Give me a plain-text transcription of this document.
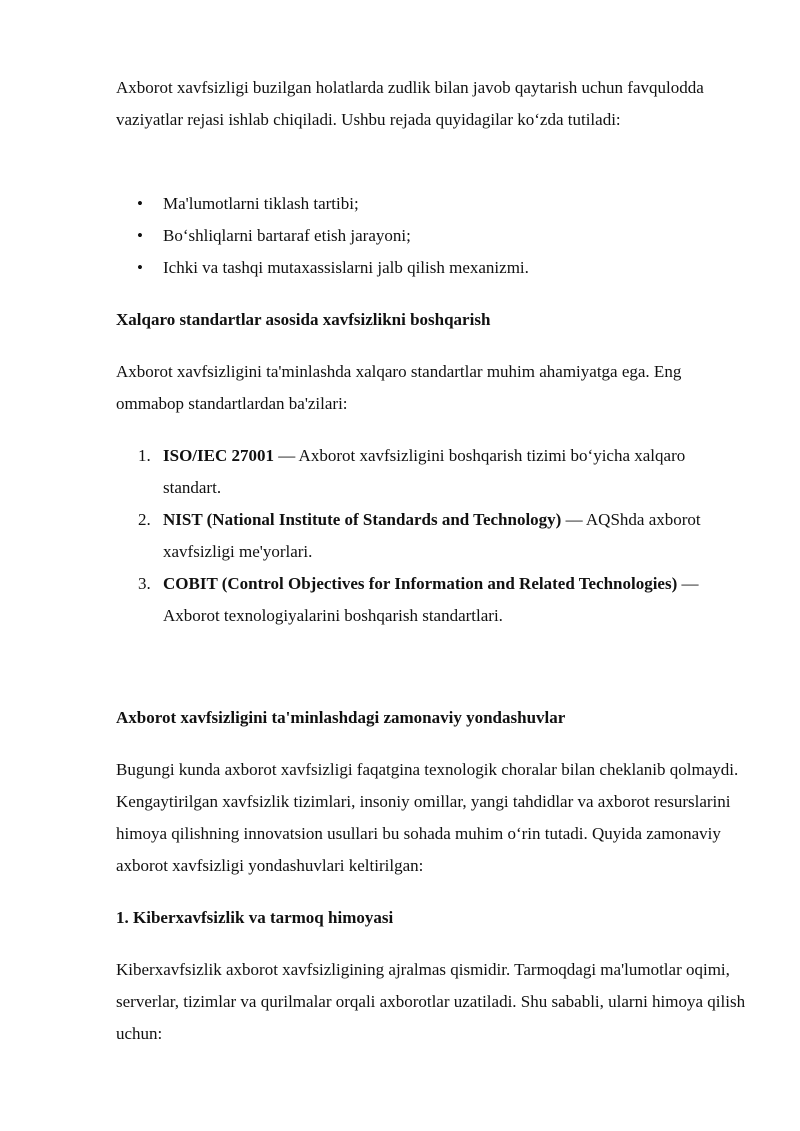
Axborot xavfsizligi buzilgan holatlarda zudlik bilan javob qaytarish uchun favqulodda vaziyatlar rejasi ishlab chiqiladi. Ushbu rejada quyidagilar ko‘zda tutiladi:

• Ma'lumotlarni tiklash tartibi;
• Bo‘shliqlarni bartaraf etish jarayoni;
• Ichki va tashqi mutaxassislarni jalb qilish mexanizmi.
Xalqaro standartlar asosida xavfsizlikni boshqarish

Axborot xavfsizligini ta'minlashda xalqaro standartlar muhim ahamiyatga ega. Eng ommabop standartlardan ba'zilari:

1. ISO/IEC 27001 — Axborot xavfsizligini boshqarish tizimi bo‘yicha xalqaro standart.
2. NIST (National Institute of Standards and Technology) — AQShda axborot xavfsizligi me'yorlari.
3. COBIT (Control Objectives for Information and Related Technologies) — Axborot texnologiyalarini boshqarish standartlari.
Axborot xavfsizligini ta'minlashdagi zamonaviy yondashuvlar

Bugungi kunda axborot xavfsizligi faqatgina texnologik choralar bilan cheklanib qolmaydi. Kengaytirilgan xavfsizlik tizimlari, insoniy omillar, yangi tahdidlar va axborot resurslarini himoya qilishning innovatsion usullari bu sohada muhim o‘rin tutadi. Quyida zamonaviy axborot xavfsizligi yondashuvlari keltirilgan:

1. Kiberxavfsizlik va tarmoq himoyasi

Kiberxavfsizlik axborot xavfsizligining ajralmas qismidir. Tarmoqdagi ma'lumotlar oqimi, serverlar, tizimlar va qurilmalar orqali axborotlar uzatiladi. Shu sababli, ularni himoya qilish uchun:
